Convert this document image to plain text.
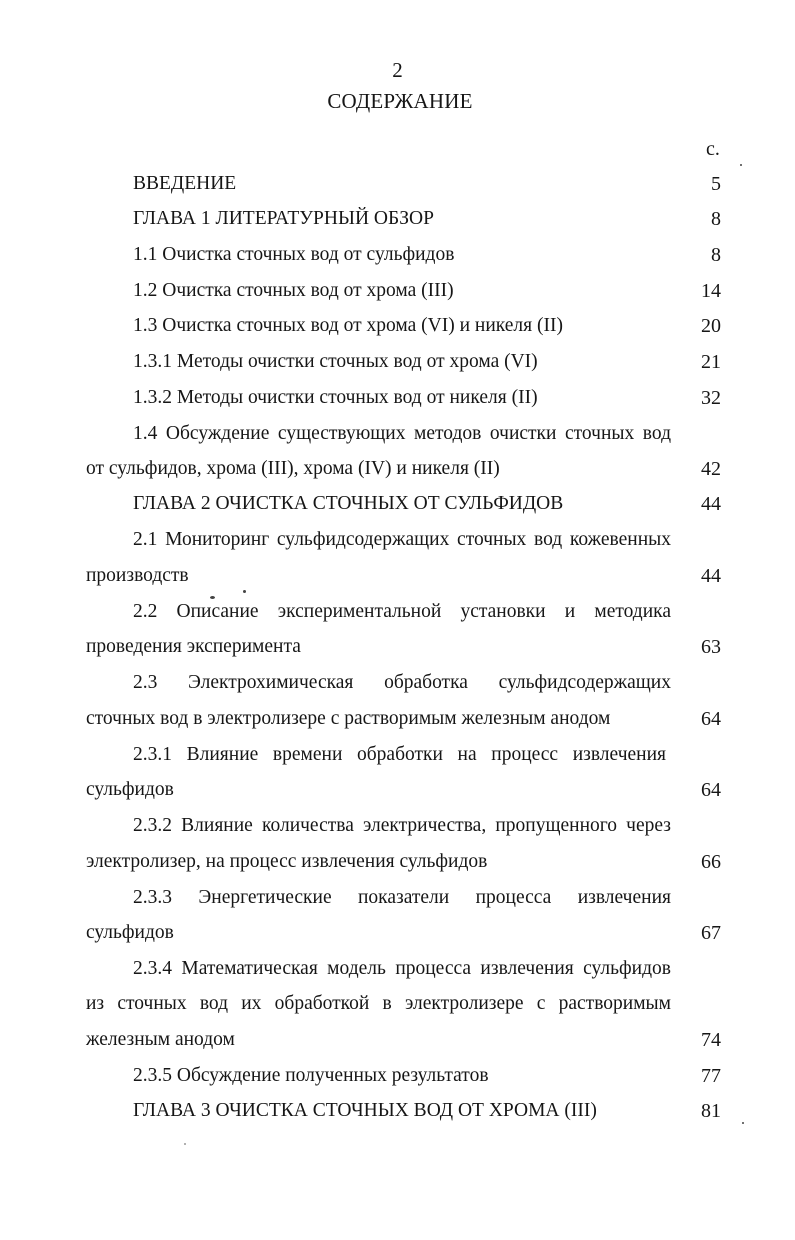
2
СОДЕРЖАНИЕ
с.
ВВЕДЕНИЕ	5
ГЛАВА 1 ЛИТЕРАТУРНЫЙ ОБЗОР	8
1.1 Очистка сточных вод от сульфидов	8
1.2 Очистка сточных вод от хрома (III)	14
1.3 Очистка сточных вод от хрома (VI) и никеля (II)	20
1.3.1 Методы очистки сточных вод от хрома (VI)	21
1.3.2 Методы очистки сточных вод от никеля (II)	32
1.4 Обсуждение существующих методов очистки сточных вод
от сульфидов, хрома (III), хрома (IV) и никеля (II)	42
ГЛАВА 2 ОЧИСТКА СТОЧНЫХ ОТ СУЛЬФИДОВ	44
2.1 Мониторинг сульфидсодержащих сточных вод кожевенных
производств	44
2.2 Описание экспериментальной установки и методика
проведения эксперимента	63
2.3 Электрохимическая обработка сульфидсодержащих
сточных вод в электролизере с растворимым железным анодом	64
2.3.1 Влияние времени обработки на процесс извлечения
сульфидов	64
2.3.2 Влияние количества электричества, пропущенного через
электролизер, на процесс извлечения сульфидов	66
2.3.3 Энергетические показатели процесса извлечения
сульфидов	67
2.3.4 Математическая модель процесса извлечения сульфидов
из сточных вод их обработкой в электролизере с растворимым
железным анодом	74
2.3.5 Обсуждение полученных результатов	77
ГЛАВА 3 ОЧИСТКА СТОЧНЫХ ВОД ОТ ХРОМА (III)	81
